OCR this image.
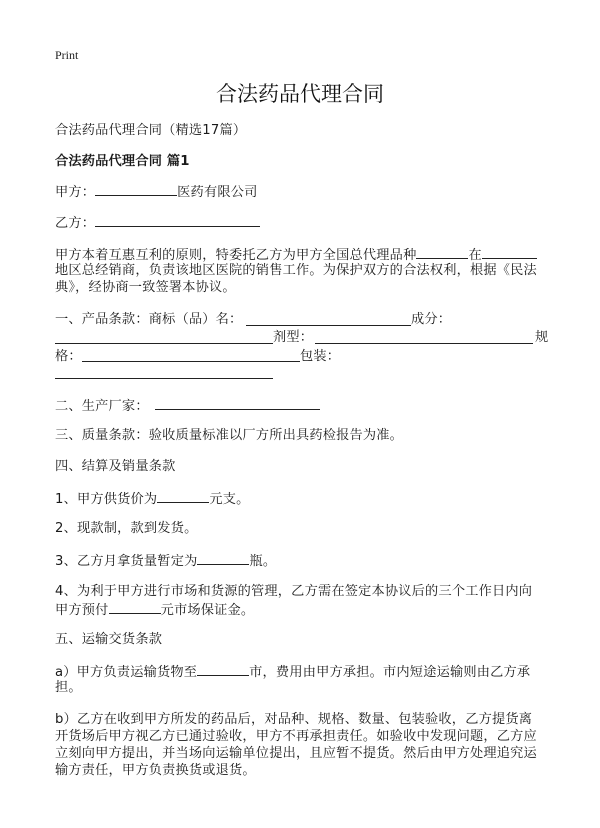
Print
合法药品代理合同
合法药品代理合同（精选17篇）
合法药品代理合同 篇1
甲方：	医药有限公司
乙方：
甲方本着互惠互利的原则，特委托乙方为甲方全国总代理品种	在
地区总经销商，负责该地区医院的销售工作。为保护双方的合法权利，根据《民法
典》，经协商一致签署本协议。
一、产品条款：商标（品）名：	成分：
剂型：	规
格：	包装：
二、生产厂家：
三、质量条款：验收质量标准以厂方所出具药检报告为准。
四、结算及销量条款
1、甲方供货价为	元支。
2、现款制，款到发货。
3、乙方月拿货量暂定为	瓶。
4、为利于甲方进行市场和货源的管理，乙方需在签定本协议后的三个工作日内向
甲方预付	元市场保证金。
五、运输交货条款
a）甲方负责运输货物至	市，费用由甲方承担。市内短途运输则由乙方承
担。
b）乙方在收到甲方所发的药品后，对品种、规格、数量、包装验收，乙方提货离
开货场后甲方视乙方已通过验收，甲方不再承担责任。如验收中发现问题，乙方应
立刻向甲方提出，并当场向运输单位提出，且应暂不提货。然后由甲方处理追究运
输方责任，甲方负责换货或退货。
